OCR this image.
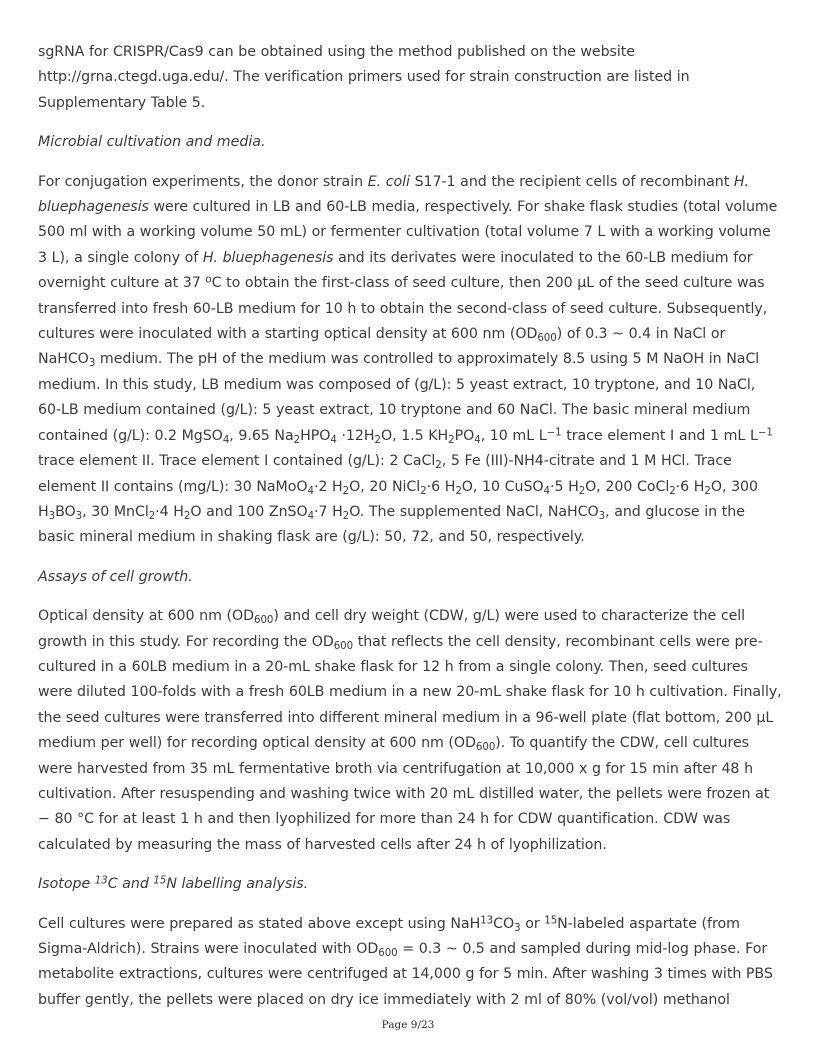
sgRNA for CRISPR/Cas9 can be obtained using the method published on the website http://grna.ctegd.uga.edu/. The verification primers used for strain construction are listed in Supplementary Table 5.

Microbial cultivation and media.

For conjugation experiments, the donor strain E. coli S17-1 and the recipient cells of recombinant H. bluephagenesis were cultured in LB and 60-LB media, respectively. For shake flask studies (total volume 500 ml with a working volume 50 mL) or fermenter cultivation (total volume 7 L with a working volume 3 L), a single colony of H. bluephagenesis and its derivates were inoculated to the 60-LB medium for overnight culture at 37 $^o$C to obtain the first-class of seed culture, then 200 µL of the seed culture was transferred into fresh 60-LB medium for 10 h to obtain the second-class of seed culture. Subsequently, cultures were inoculated with a starting optical density at 600 nm $(OD_{600})$ of 0.3 ~ 0.4 in NaCl or NaHCO$_3$ medium. The pH of the medium was controlled to approximately 8.5 using 5 M NaOH in NaCl medium. In this study, LB medium was composed of (g/L): 5 yeast extract, 10 tryptone, and 10 NaCl, 60-LB medium contained (g/L): 5 yeast extract, 10 tryptone and 60 NaCl. The basic mineral medium contained (g/L): 0.2 MgSO$_4$, 9.65 $Na_2HPO_4 \cdot 12H_2O$, 1.5 $KH_2PO_4$, 10 mL $L^{-1}$ trace element I and 1 mL $L^{-1}$ trace element II. Trace element I contained (g/L): 2 CaCl$_2$, 5 Fe (III)-NH4-citrate and 1 M HCl. Trace element II contains (mg/L): 30 NaMoO$_4$·2 $H_2O$, 20 NiCl$_2$·6 $H_2O$, 10 CuSO$_4$·5 $H_2O$, 200 CoCl$_2$·6 $H_2O$, 300 $H_3BO_3$, 30 MnCl$_2$·4 $H_2O$ and 100 ZnSO$_4$·7 $H_2O$. The supplemented NaCl, NaHCO$_3$, and glucose in the basic mineral medium in shaking flask are (g/L): 50, 72, and 50, respectively.

Assays of cell growth.

Optical density at 600 nm $(OD_{600})$ and cell dry weight (CDW, g/L) were used to characterize the cell growth in this study. For recording the $OD_{600}$ that reflects the cell density, recombinant cells were pre-cultured in a 60LB medium in a 20-mL shake flask for 12 h from a single colony. Then, seed cultures were diluted 100-folds with a fresh 60LB medium in a new 20-mL shake flask for 10 h cultivation. Finally, the seed cultures were transferred into different mineral medium in a 96-well plate (flat bottom, 200 µL medium per well) for recording optical density at 600 nm $(OD_{600})$. To quantify the CDW, cell cultures were harvested from 35 mL fermentative broth via centrifugation at 10,000 x g for 15 min after 48 h cultivation. After resuspending and washing twice with 20 mL distilled water, the pellets were frozen at − 80 °C for at least 1 h and then lyophilized for more than 24 h for CDW quantification. CDW was calculated by measuring the mass of harvested cells after 24 h of lyophilization.

Isotope $^{13}$C and $^{15}$N labelling analysis.

Cell cultures were prepared as stated above except using $NaH^{13}CO_3$ or $^{15}$N-labeled aspartate (from Sigma-Aldrich). Strains were inoculated with $OD_{600} = 0.3$ ~ 0.5 and sampled during mid-log phase. For metabolite extractions, cultures were centrifuged at 14,000 g for 5 min. After washing 3 times with PBS buffer gently, the pellets were placed on dry ice immediately with 2 ml of 80% (vol/vol) methanol

Page 9/23
